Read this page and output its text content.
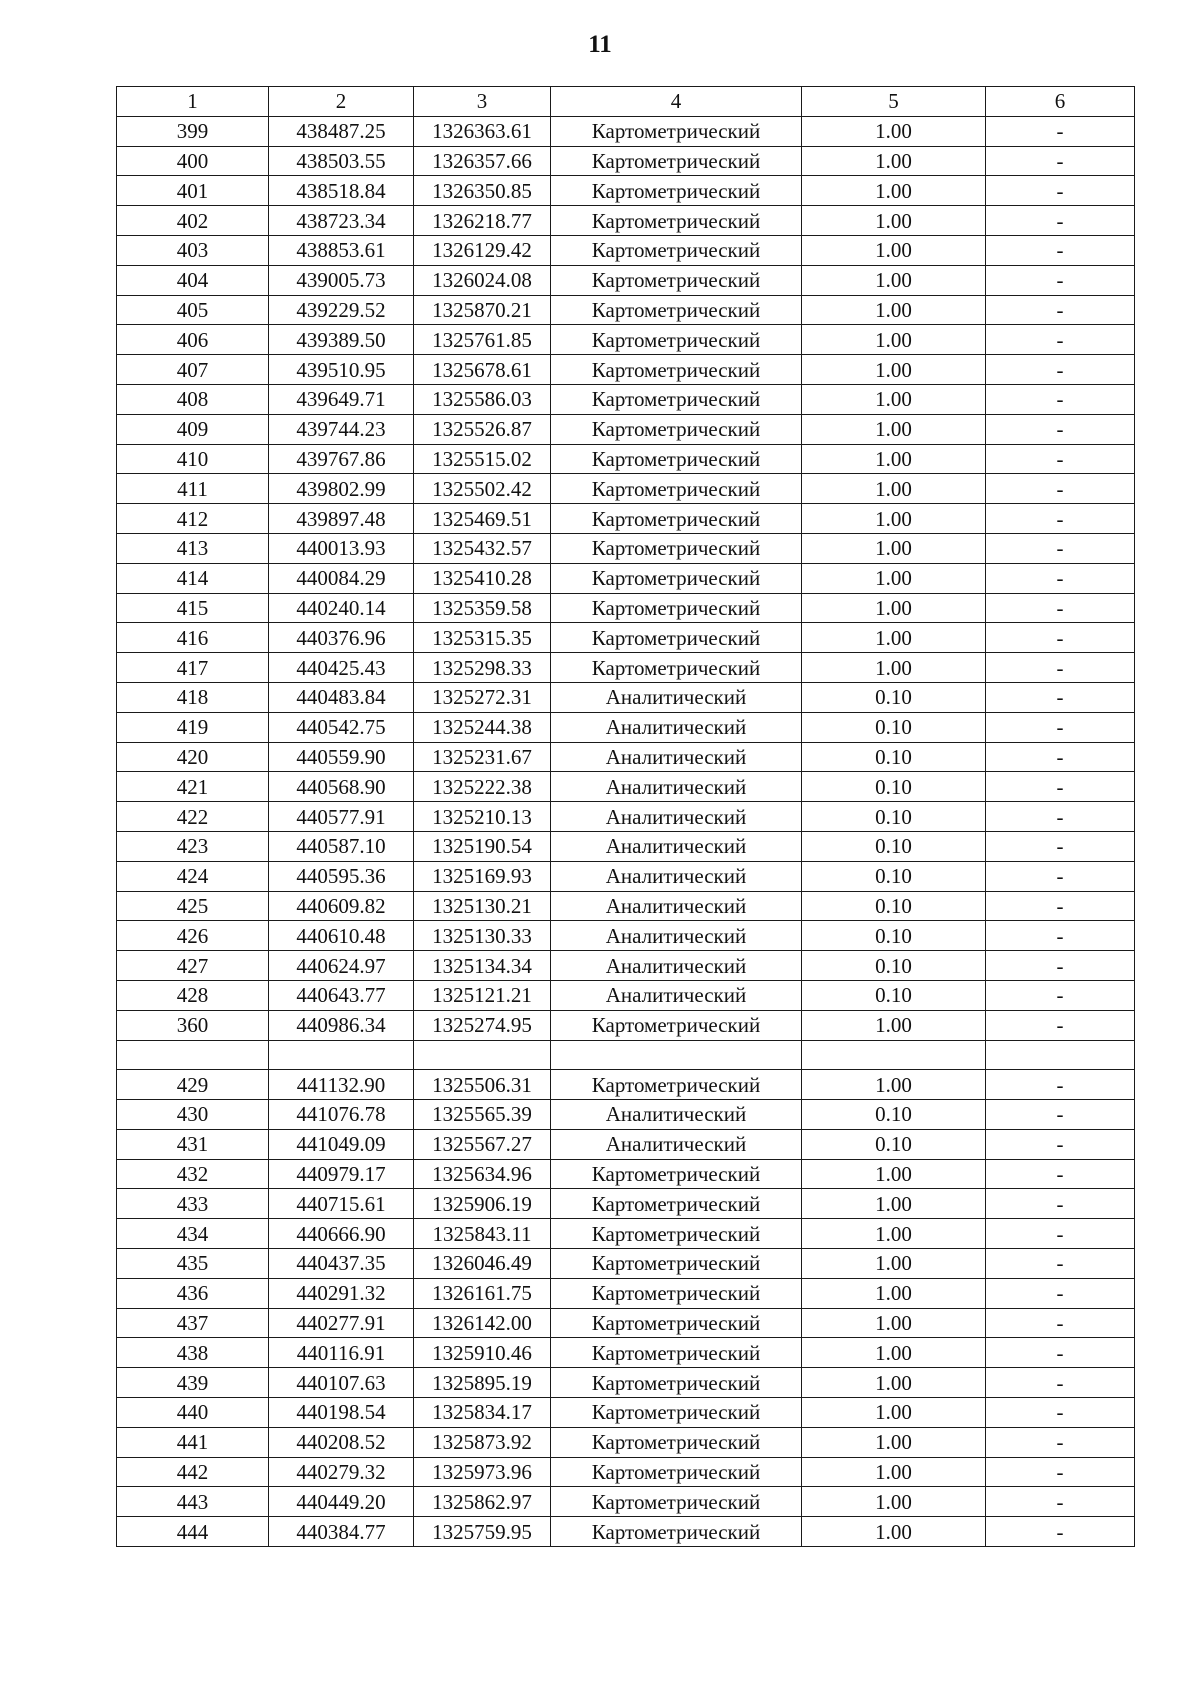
11
1	2	3	4	5	6
399	438487.25	1326363.61	Картометрический	1.00	-
400	438503.55	1326357.66	Картометрический	1.00	-
401	438518.84	1326350.85	Картометрический	1.00	-
402	438723.34	1326218.77	Картометрический	1.00	-
403	438853.61	1326129.42	Картометрический	1.00	-
404	439005.73	1326024.08	Картометрический	1.00	-
405	439229.52	1325870.21	Картометрический	1.00	-
406	439389.50	1325761.85	Картометрический	1.00	-
407	439510.95	1325678.61	Картометрический	1.00	-
408	439649.71	1325586.03	Картометрический	1.00	-
409	439744.23	1325526.87	Картометрический	1.00	-
410	439767.86	1325515.02	Картометрический	1.00	-
411	439802.99	1325502.42	Картометрический	1.00	-
412	439897.48	1325469.51	Картометрический	1.00	-
413	440013.93	1325432.57	Картометрический	1.00	-
414	440084.29	1325410.28	Картометрический	1.00	-
415	440240.14	1325359.58	Картометрический	1.00	-
416	440376.96	1325315.35	Картометрический	1.00	-
417	440425.43	1325298.33	Картометрический	1.00	-
418	440483.84	1325272.31	Аналитический	0.10	-
419	440542.75	1325244.38	Аналитический	0.10	-
420	440559.90	1325231.67	Аналитический	0.10	-
421	440568.90	1325222.38	Аналитический	0.10	-
422	440577.91	1325210.13	Аналитический	0.10	-
423	440587.10	1325190.54	Аналитический	0.10	-
424	440595.36	1325169.93	Аналитический	0.10	-
425	440609.82	1325130.21	Аналитический	0.10	-
426	440610.48	1325130.33	Аналитический	0.10	-
427	440624.97	1325134.34	Аналитический	0.10	-
428	440643.77	1325121.21	Аналитический	0.10	-
360	440986.34	1325274.95	Картометрический	1.00	-

429	441132.90	1325506.31	Картометрический	1.00	-
430	441076.78	1325565.39	Аналитический	0.10	-
431	441049.09	1325567.27	Аналитический	0.10	-
432	440979.17	1325634.96	Картометрический	1.00	-
433	440715.61	1325906.19	Картометрический	1.00	-
434	440666.90	1325843.11	Картометрический	1.00	-
435	440437.35	1326046.49	Картометрический	1.00	-
436	440291.32	1326161.75	Картометрический	1.00	-
437	440277.91	1326142.00	Картометрический	1.00	-
438	440116.91	1325910.46	Картометрический	1.00	-
439	440107.63	1325895.19	Картометрический	1.00	-
440	440198.54	1325834.17	Картометрический	1.00	-
441	440208.52	1325873.92	Картометрический	1.00	-
442	440279.32	1325973.96	Картометрический	1.00	-
443	440449.20	1325862.97	Картометрический	1.00	-
444	440384.77	1325759.95	Картометрический	1.00	-
